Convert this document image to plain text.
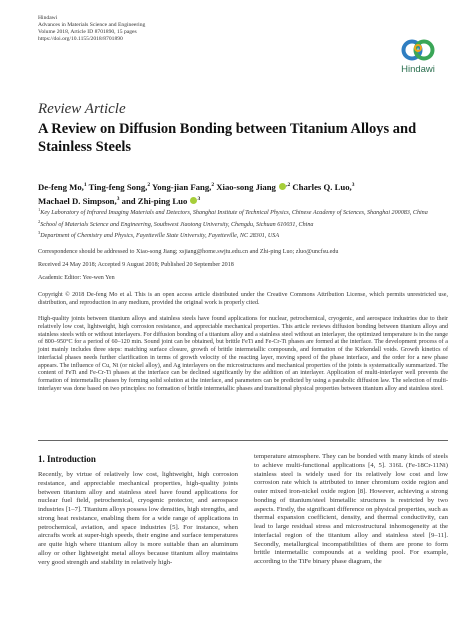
Hindawi
Advances in Materials Science and Engineering
Volume 2018, Article ID 8701890, 15 pages
https://doi.org/10.1155/2018/8701890
Hindawi
Review Article
A Review on Diffusion Bonding between Titanium Alloys and Stainless Steels
De-feng Mo,$^1$ Ting-feng Song,$^2$ Yong-jian Fang,$^2$ Xiao-song Jiang $^{,2}$ Charles Q. Luo,$^3$
Machael D. Simpson,$^3$ and Zhi-ping Luo $^3$
$^1$Key Laboratory of Infrared Imaging Materials and Detectors, Shanghai Institute of Technical Physics, Chinese Academy of Sciences, Shanghai 200083, China
$^2$School of Materials Science and Engineering, Southwest Jiaotong University, Chengdu, Sichuan 610031, China
$^3$Department of Chemistry and Physics, Fayetteville State University, Fayetteville, NC 28301, USA
Correspondence should be addressed to Xiao-song Jiang; xsjiang@home.swjtu.edu.cn and Zhi-ping Luo; zluo@uncfsu.edu
Received 24 May 2018; Accepted 9 August 2018; Published 20 September 2018
Academic Editor: Yee-wen Yen
Copyright © 2018 De-feng Mo et al. This is an open access article distributed under the Creative Commons Attribution License, which permits unrestricted use, distribution, and reproduction in any medium, provided the original work is properly cited.
High-quality joints between titanium alloys and stainless steels have found applications for nuclear, petrochemical, cryogenic, and aerospace industries due to their relatively low cost, lightweight, high corrosion resistance, and appreciable mechanical properties. This article reviews diffusion bonding between titanium alloys and stainless steels with or without interlayers. For diffusion bonding of a titanium alloy and a stainless steel without an interlayer, the optimized temperature is in the range of 800–950°C for a period of 60–120 min. Sound joint can be obtained, but brittle FeTi and Fe-Cr-Ti phases are formed at the interface. The development process of a joint mainly includes three steps: matching surface closure, growth of brittle intermetallic compounds, and formation of the Kirkendall voids. Growth kinetics of interfacial phases needs further clarification in terms of growth velocity of the reacting layer, moving speed of the phase interface, and the order for a new phase appears. The influence of Cu, Ni (or nickel alloy), and Ag interlayers on the microstructures and mechanical properties of the joints is systematically summarized. The content of FeTi and Fe-Cr-Ti phases at the interface can be declined significantly by the addition of an interlayer. Application of multi-interlayer well prevents the formation of intermetallic phases by forming solid solution at the interface, and parameters can be predicted by using a parabolic diffusion law. The selection of multi-interlayer was done based on two principles: no formation of brittle intermetallic phases and transitional physical properties between titanium alloy and stainless steel.
1. Introduction
Recently, by virtue of relatively low cost, lightweight, high corrosion resistance, and appreciable mechanical properties, high-quality joints between titanium alloy and stainless steel have found applications for nuclear fuel field, petrochemical, cryogenic protector, and aerospace industries [1–7]. Titanium alloys possess low densities, high strengths, and strong heat resistance, enabling them for a wide range of applications in petrochemical, aviation, and space industries [5]. For instance, when aircrafts work at super-high speeds, their engine and surface temperatures are quite high where titanium alloy is more suitable than an aluminum alloy or other lightweight metal alloys because titanium alloy maintains very good strength and stability in relatively high-
temperature atmosphere. They can be bonded with many kinds of steels to achieve multi-functional applications [4, 5]. 316L (Fe-18Cr-11Ni) stainless steel is widely used for its relatively low cost and low corrosion rate which is attributed to inner chromium oxide region and outer mixed iron-nickel oxide region [8]. However, achieving a strong bonding of titanium/steel bimetallic structures is restricted by two aspects. Firstly, the significant difference on physical properties, such as thermal expansion coefficient, density, and thermal conductivity, can lead to large residual stress and microstructural inhomogeneity at the interfacial region of the titanium alloy and stainless steel [9–11]. Secondly, metallurgical incompatibilities of them are prone to form brittle intermetallic compounds at a welding pool. For example, according to the TiFe binary phase diagram, the
